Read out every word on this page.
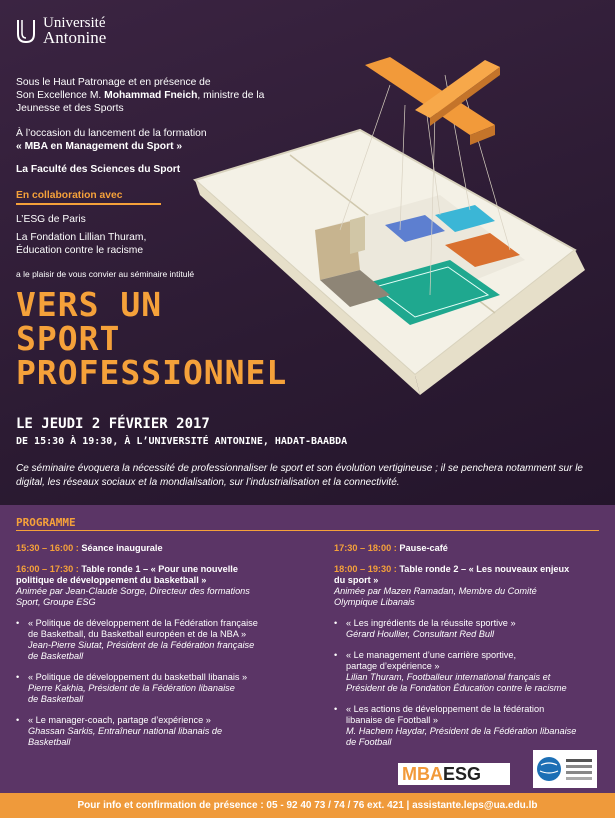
Université
Antonine
Sous le Haut Patronage et en présence de
Son Excellence M. Mohammad Fneich, ministre de la
Jeunesse et des Sports
À l’occasion du lancement de la formation
« MBA en Management du Sport »
La Faculté des Sciences du Sport
En collaboration avec
L’ESG de Paris
La Fondation Lillian Thuram,
Éducation contre le racisme
a le plaisir de vous convier au séminaire intitulé
VERS UN
SPORT
PROFESSIONNEL
LE JEUDI 2 FÉVRIER 2017
DE 15:30 À 19:30, À L’UNIVERSITÉ ANTONINE, HADAT-BAABDA
Ce séminaire évoquera la nécessité de professionnaliser le sport et son évolution vertigineuse ; il se penchera notamment sur le digital, les réseaux sociaux et la mondialisation, sur l’industrialisation et la connectivité.
PROGRAMME
15:30 – 16:00 : Séance inaugurale
16:00 – 17:30 : Table ronde 1 – « Pour une nouvelle
politique de développement du basketball »
Animée par Jean-Claude Sorge, Directeur des formations
Sport, Groupe ESG
• « Politique de développement de la Fédération française
de Basketball, du Basketball européen et de la NBA »
Jean-Pierre Siutat, Président de la Fédération française
de Basketball
• « Politique de développement du basketball libanais »
Pierre Kakhia, Président de la Fédération libanaise
de Basketball
• « Le manager-coach, partage d’expérience »
Ghassan Sarkis, Entraîneur national libanais de
Basketball
17:30 – 18:00 : Pause-café
18:00 – 19:30 : Table ronde 2 – « Les nouveaux enjeux
du sport »
Animée par Mazen Ramadan, Membre du Comité
Olympique Libanais
• « Les ingrédients de la réussite sportive »
Gérard Houllier, Consultant Red Bull
• « Le management d’une carrière sportive,
partage d’expérience »
Lilian Thuram, Footballeur international français et
Président de la Fondation Éducation contre le racisme
• « Les actions de développement de la fédération
libanaise de Football »
M. Hachem Haydar, Président de la Fédération libanaise
de Football
MBA ESG
Pour info et confirmation de présence : 05 - 92 40 73 / 74 / 76 ext. 421 | assistante.leps@ua.edu.lb
